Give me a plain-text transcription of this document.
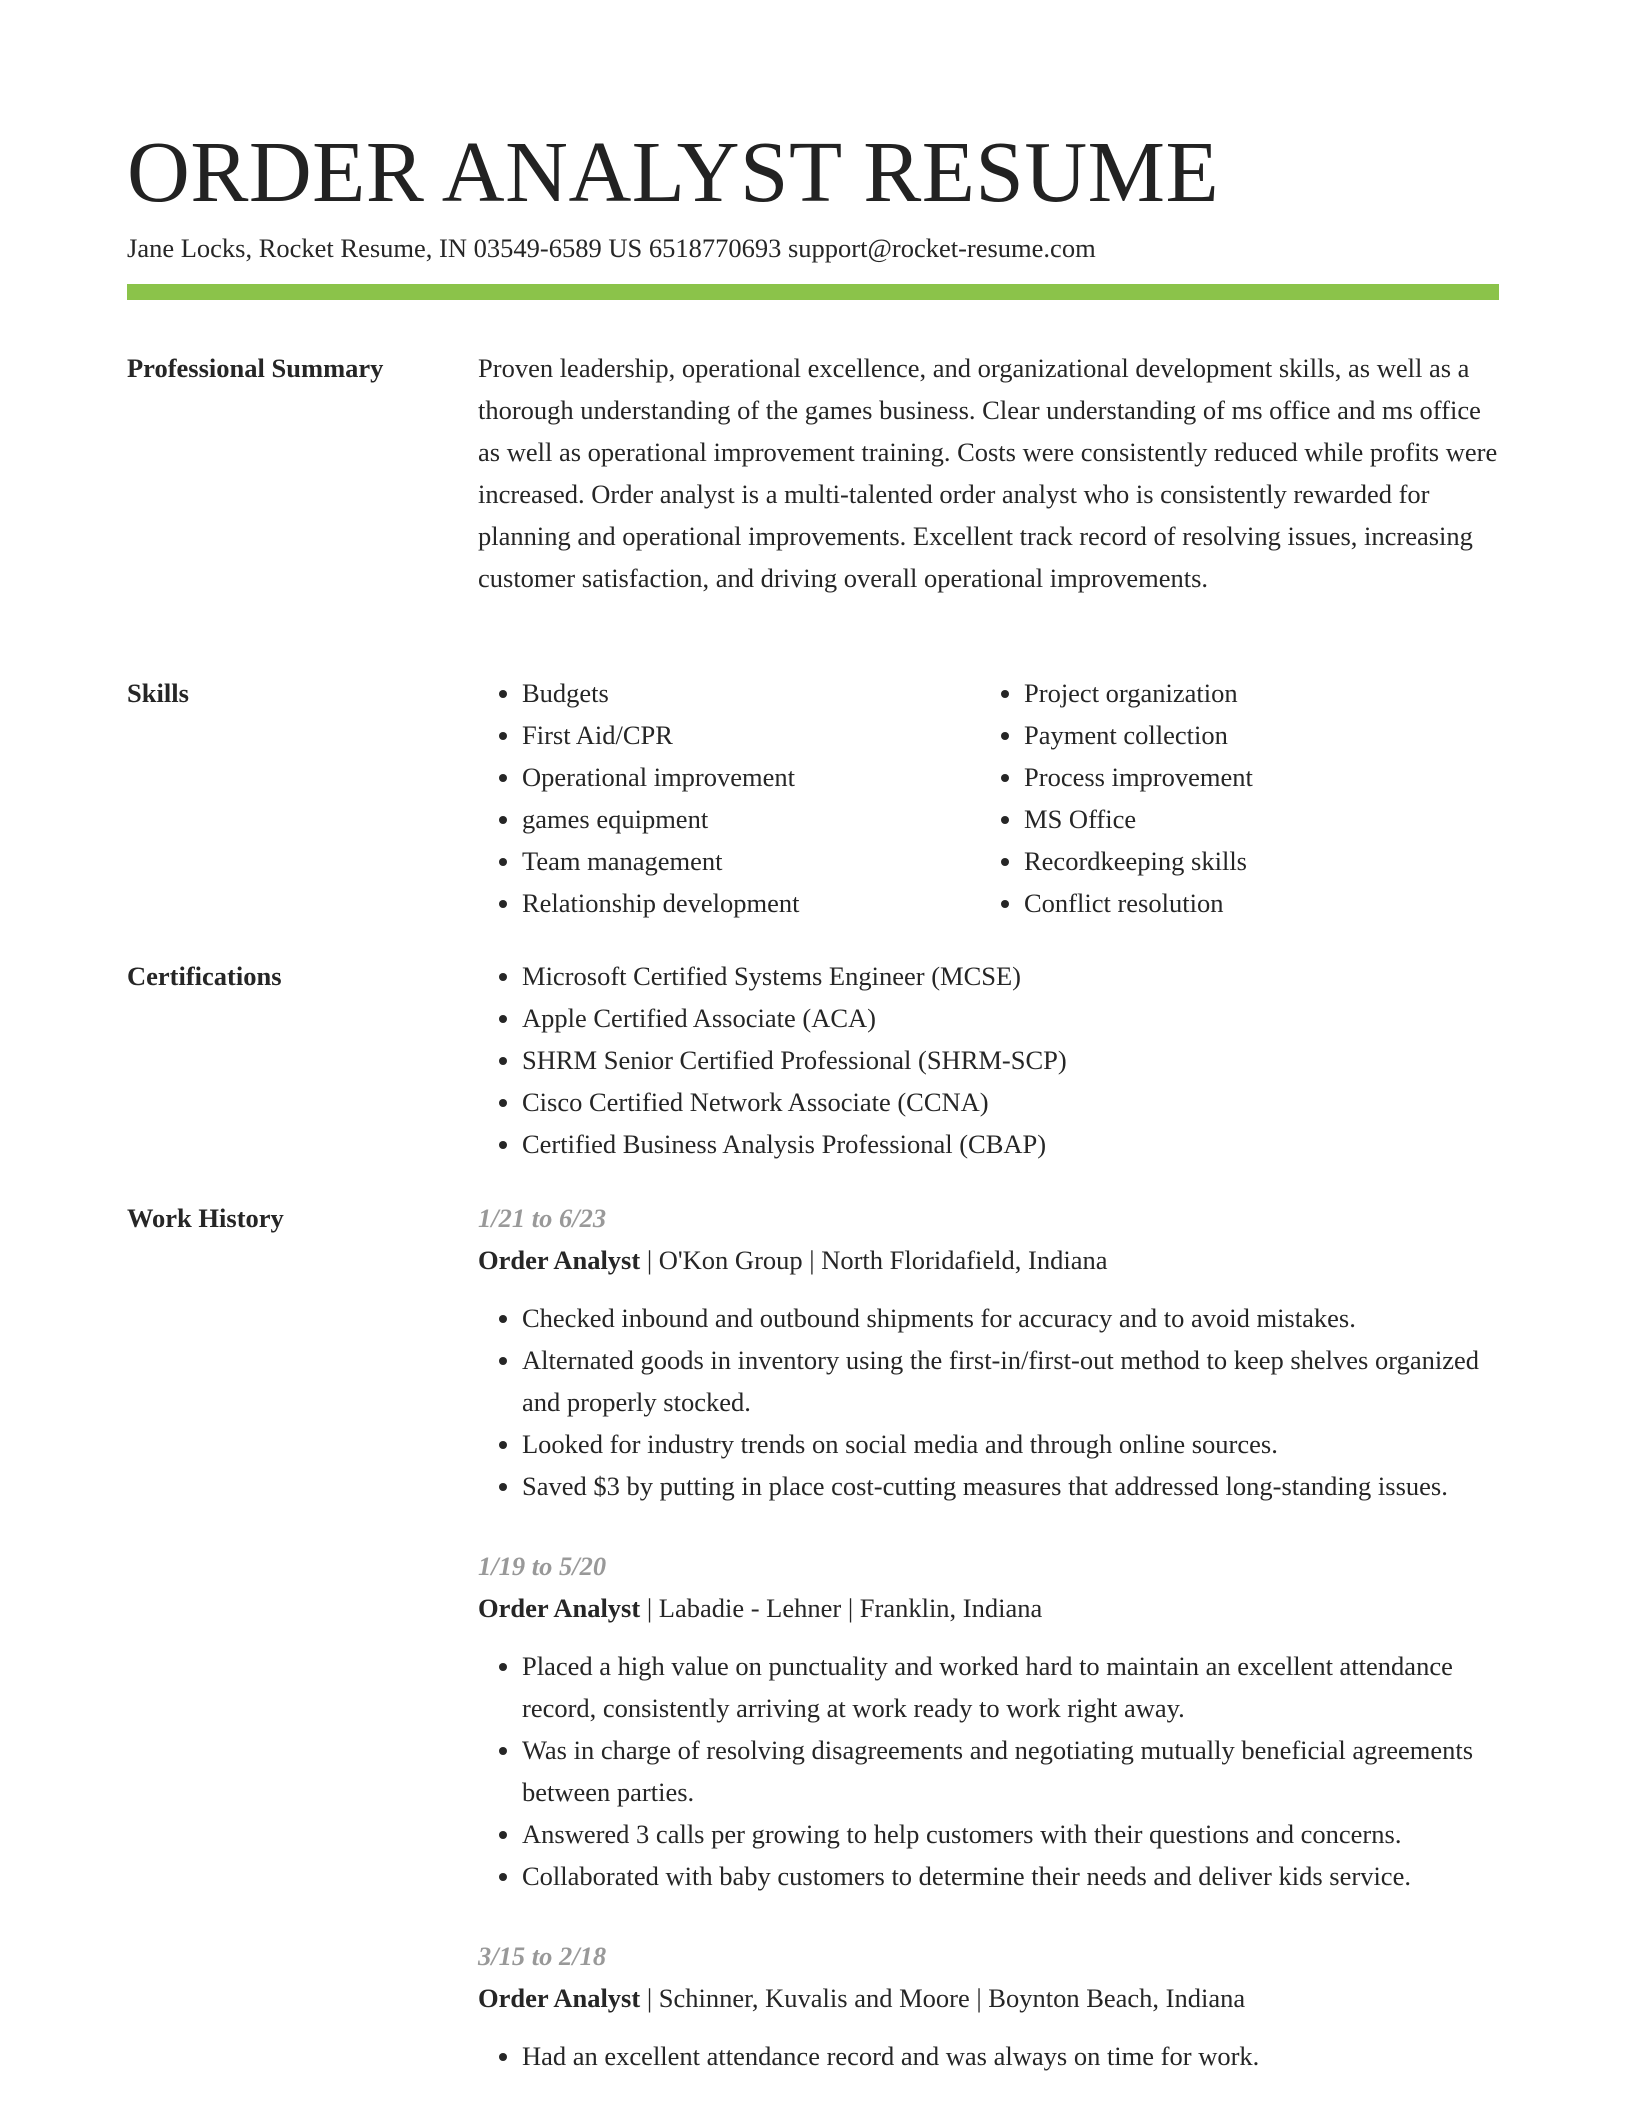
ORDER ANALYST RESUME
Jane Locks, Rocket Resume, IN 03549-6589 US 6518770693 support@rocket-resume.com
Professional Summary	Proven leadership, operational excellence, and organizational development skills, as well as a thorough understanding of the games business. Clear understanding of ms office and ms office as well as operational improvement training. Costs were consistently reduced while profits were increased. Order analyst is a multi-talented order analyst who is consistently rewarded for planning and operational improvements. Excellent track record of resolving issues, increasing customer satisfaction, and driving overall operational improvements.

Skills	• Budgets
• First Aid/CPR
• Operational improvement
• games equipment
• Team management
• Relationship development
• Project organization
• Payment collection
• Process improvement
• MS Office
• Recordkeeping skills
• Conflict resolution
Certifications	• Microsoft Certified Systems Engineer (MCSE)
• Apple Certified Associate (ACA)
• SHRM Senior Certified Professional (SHRM-SCP)
• Cisco Certified Network Associate (CCNA)
• Certified Business Analysis Professional (CBAP)
Work History	1/21 to 6/23
Order Analyst | O'Kon Group | North Floridafield, Indiana
• Checked inbound and outbound shipments for accuracy and to avoid mistakes.
• Alternated goods in inventory using the first-in/first-out method to keep shelves organized and properly stocked.
• Looked for industry trends on social media and through online sources.
• Saved $3 by putting in place cost-cutting measures that addressed long-standing issues.
1/19 to 5/20
Order Analyst | Labadie - Lehner | Franklin, Indiana
• Placed a high value on punctuality and worked hard to maintain an excellent attendance record, consistently arriving at work ready to work right away.
• Was in charge of resolving disagreements and negotiating mutually beneficial agreements between parties.
• Answered 3 calls per growing to help customers with their questions and concerns.
• Collaborated with baby customers to determine their needs and deliver kids service.
3/15 to 2/18
Order Analyst | Schinner, Kuvalis and Moore | Boynton Beach, Indiana
• Had an excellent attendance record and was always on time for work.
